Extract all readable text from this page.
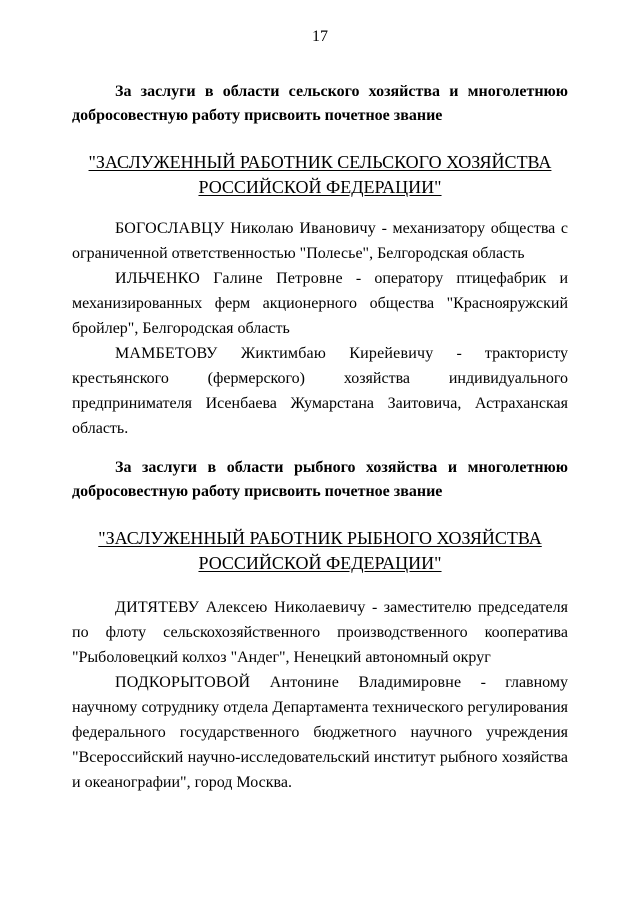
17

За заслуги в области сельского хозяйства и многолетнюю добросовестную работу присвоить почетное звание

"ЗАСЛУЖЕННЫЙ РАБОТНИК СЕЛЬСКОГО ХОЗЯЙСТВА

РОССИЙСКОЙ ФЕДЕРАЦИИ"

БОГОСЛАВЦУ Николаю Ивановичу - механизатору общества с ограниченной ответственностью "Полесье", Белгородская область

ИЛЬЧЕНКО Галине Петровне - оператору птицефабрик и механизированных ферм акционерного общества "Краснояружский бройлер", Белгородская область

МАМБЕТОВУ Жиктимбаю Кирейевичу - трактористу крестьянского (фермерского) хозяйства индивидуального предпринимателя Исенбаева Жумарстана Заитовича, Астраханская область.

За заслуги в области рыбного хозяйства и многолетнюю добросовестную работу присвоить почетное звание

"ЗАСЛУЖЕННЫЙ РАБОТНИК РЫБНОГО ХОЗЯЙСТВА

РОССИЙСКОЙ ФЕДЕРАЦИИ"

ДИТЯТЕВУ Алексею Николаевичу - заместителю председателя по флоту сельскохозяйственного производственного кооператива "Рыболовецкий колхоз "Андег", Ненецкий автономный округ

ПОДКОРЫТОВОЙ Антонине Владимировне - главному научному сотруднику отдела Департамента технического регулирования федерального государственного бюджетного научного учреждения "Всероссийский научно-исследовательский институт рыбного хозяйства и океанографии", город Москва.
